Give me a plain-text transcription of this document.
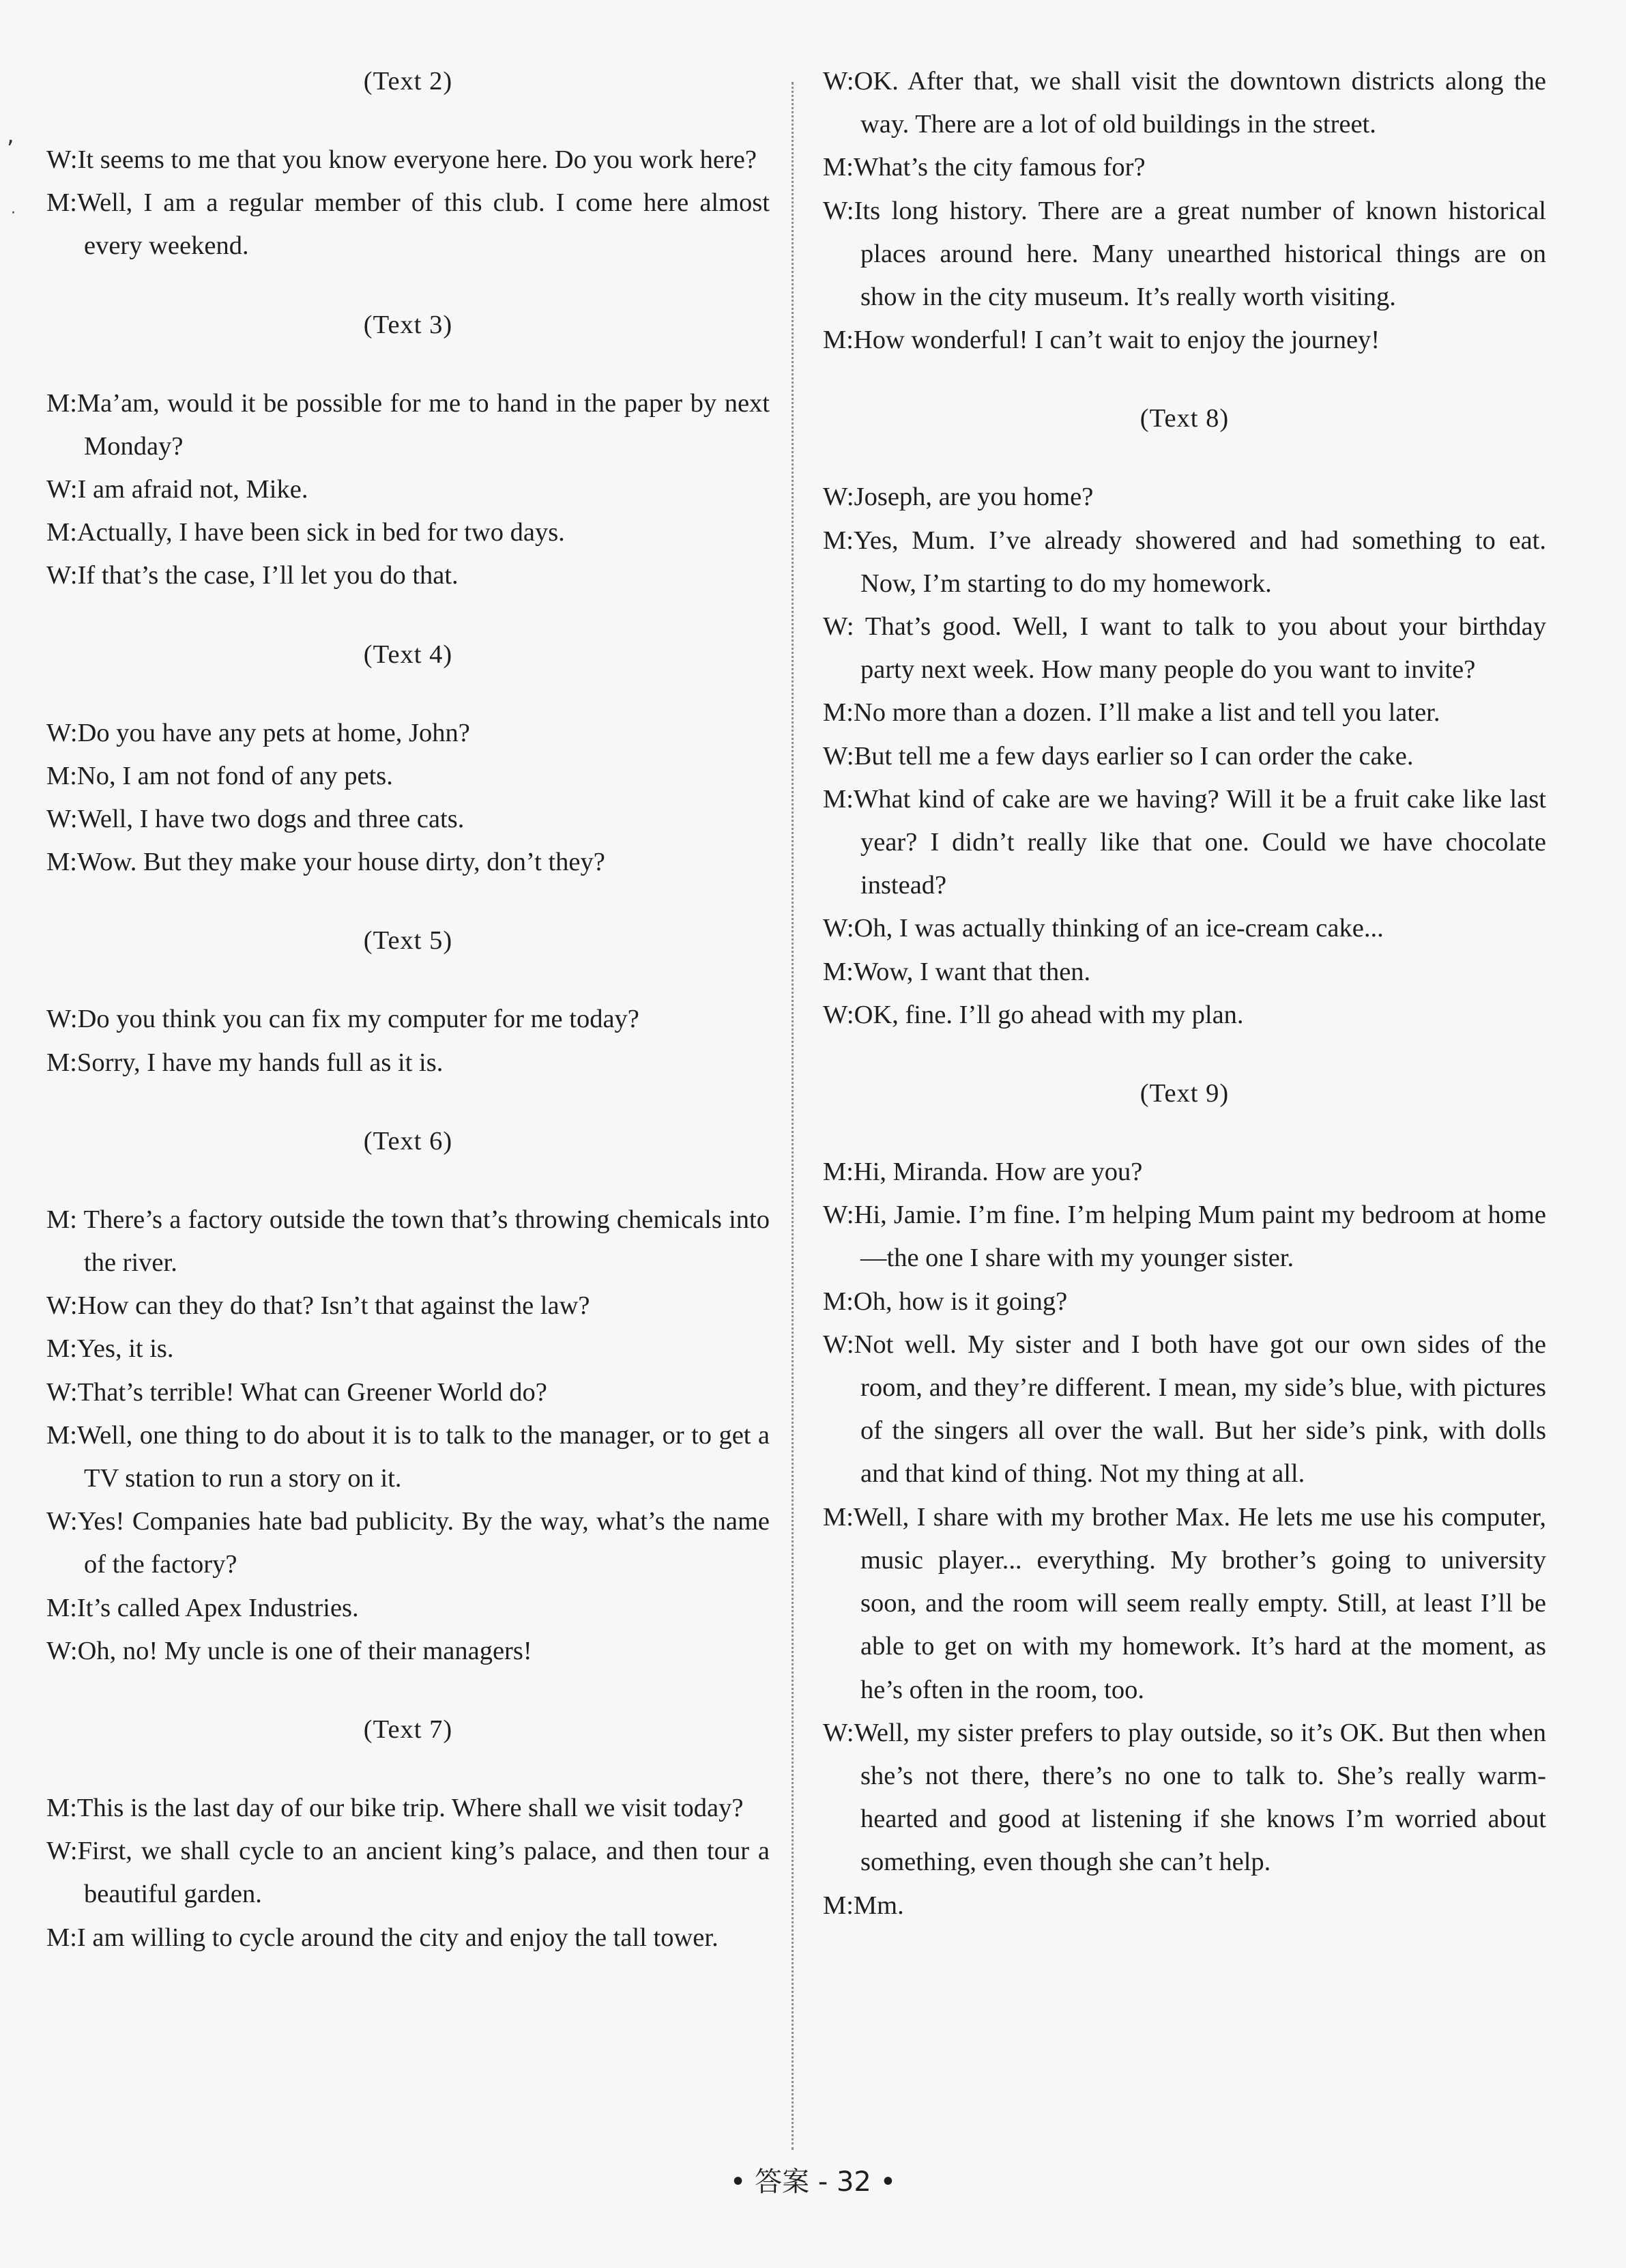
(Text 2)

W:It seems to me that you know everyone here. Do you work here?

M:Well, I am a regular member of this club. I come here almost every weekend.

(Text 3)

M:Ma’am, would it be possible for me to hand in the paper by next Monday?

W:I am afraid not, Mike.

M:Actually, I have been sick in bed for two days.

W:If that’s the case, I’ll let you do that.

(Text 4)

W:Do you have any pets at home, John?

M:No, I am not fond of any pets.

W:Well, I have two dogs and three cats.

M:Wow. But they make your house dirty, don’t they?

(Text 5)

W:Do you think you can fix my computer for me today?

M:Sorry, I have my hands full as it is.

(Text 6)

M: There’s a factory outside the town that’s throwing chemicals into the river.

W:How can they do that? Isn’t that against the law?

M:Yes, it is.

W:That’s terrible! What can Greener World do?

M:Well, one thing to do about it is to talk to the manager, or to get a TV station to run a story on it.

W:Yes! Companies hate bad publicity. By the way, what’s the name of the factory?

M:It’s called Apex Industries.

W:Oh, no! My uncle is one of their managers!

(Text 7)

M:This is the last day of our bike trip. Where shall we visit today?

W:First, we shall cycle to an ancient king’s palace, and then tour a beautiful garden.

M:I am willing to cycle around the city and enjoy the tall tower.

W:OK. After that, we shall visit the downtown districts along the way. There are a lot of old buildings in the street.

M:What’s the city famous for?

W:Its long history. There are a great number of known historical places around here. Many unearthed historical things are on show in the city museum. It’s really worth visiting.

M:How wonderful! I can’t wait to enjoy the journey!

(Text 8)

W:Joseph, are you home?

M:Yes, Mum. I’ve already showered and had something to eat. Now, I’m starting to do my homework.

W: That’s good. Well, I want to talk to you about your birthday party next week. How many people do you want to invite?

M:No more than a dozen. I’ll make a list and tell you later.

W:But tell me a few days earlier so I can order the cake.

M:What kind of cake are we having? Will it be a fruit cake like last year? I didn’t really like that one. Could we have chocolate instead?

W:Oh, I was actually thinking of an ice-cream cake...

M:Wow, I want that then.

W:OK, fine. I’ll go ahead with my plan.

(Text 9)

M:Hi, Miranda. How are you?

W:Hi, Jamie. I’m fine. I’m helping Mum paint my bedroom at home—the one I share with my younger sister.

M:Oh, how is it going?

W:Not well. My sister and I both have got our own sides of the room, and they’re different. I mean, my side’s blue, with pictures of the singers all over the wall. But her side’s pink, with dolls and that kind of thing. Not my thing at all.

M:Well, I share with my brother Max. He lets me use his computer, music player... everything. My brother’s going to university soon, and the room will seem really empty. Still, at least I’ll be able to get on with my homework. It’s hard at the moment, as he’s often in the room, too.

W:Well, my sister prefers to play outside, so it’s OK. But then when she’s not there, there’s no one to talk to. She’s really warm-hearted and good at listening if she knows I’m worried about something, even though she can’t help.

M:Mm.

,
·
• 答案 - 32 •
